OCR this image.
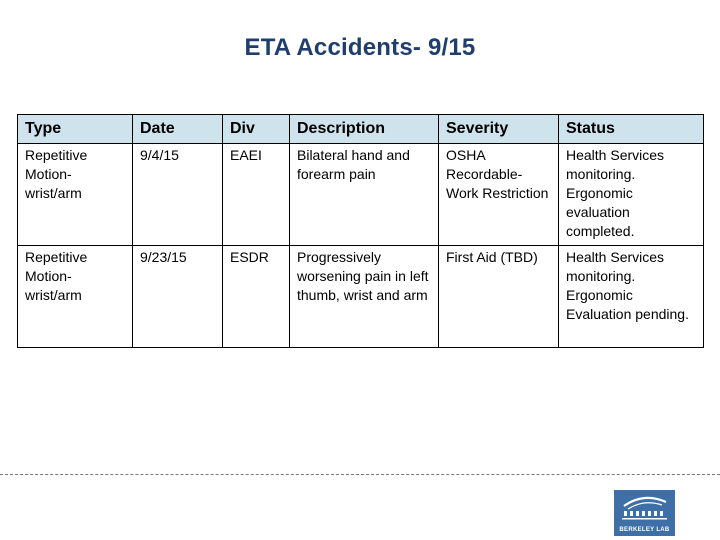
ETA Accidents- 9/15
Type	Date	Div	Description	Severity	Status
Repetitive Motion-wrist/arm	9/4/15	EAEI	Bilateral hand and forearm pain	OSHA Recordable-Work Restriction	Health Services monitoring. Ergonomic evaluation completed.
Repetitive Motion-wrist/arm	9/23/15	ESDR	Progressively worsening pain in left thumb, wrist and arm	First Aid (TBD)	Health Services monitoring. Ergonomic Evaluation pending.
BERKELEY LAB
